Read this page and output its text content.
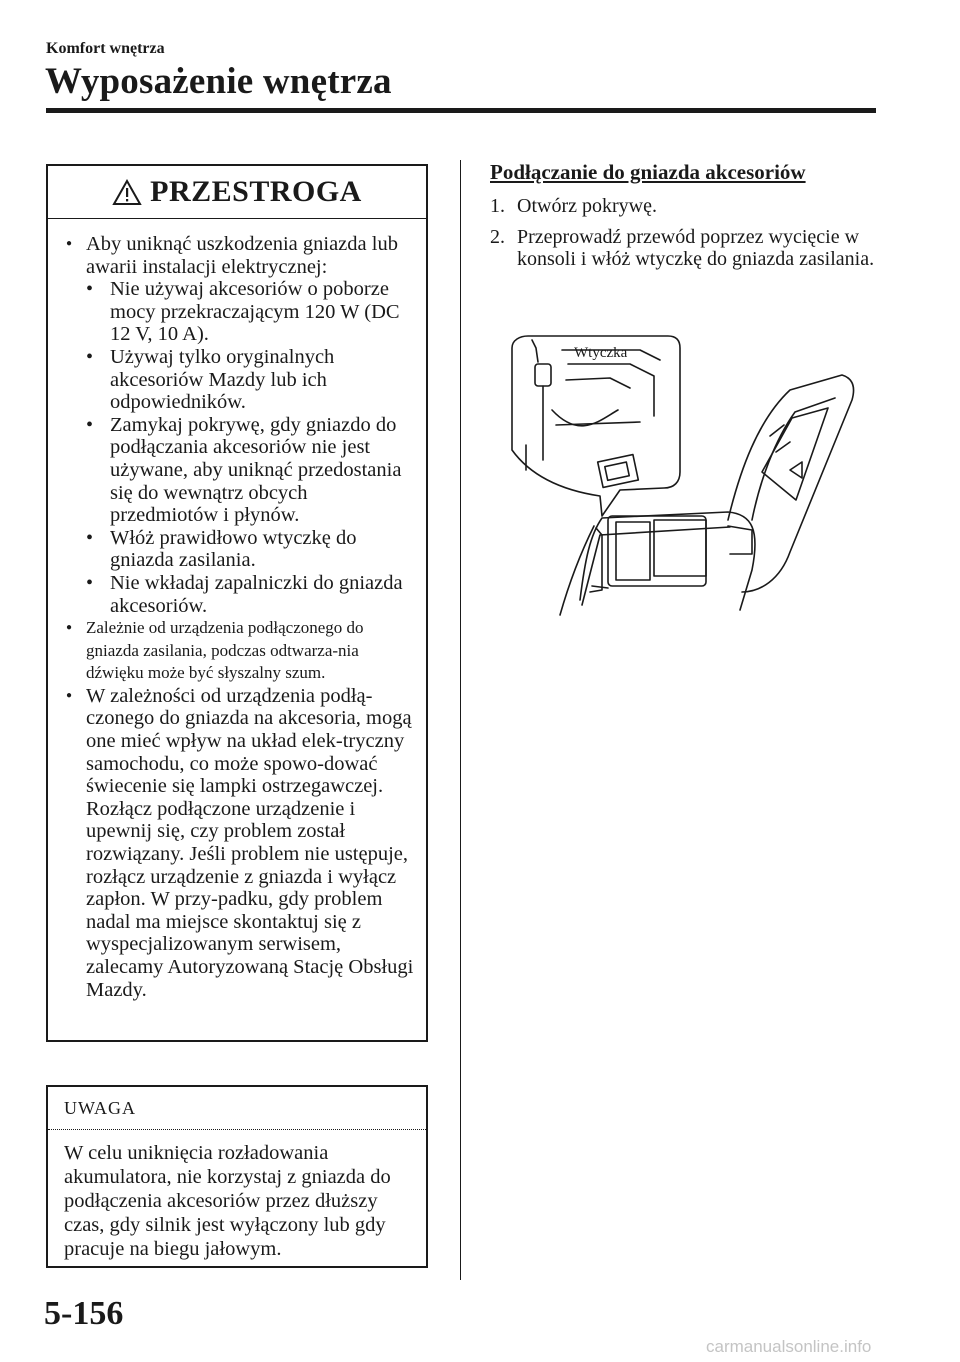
Komfort wnętrza
Wyposażenie wnętrza
PRZESTROGA

● Aby uniknąć uszkodzenia gniazda lub awarii instalacji elektrycznej:

• Nie używaj akcesoriów o poborze mocy przekraczającym 120 W (DC 12 V, 10 A).

• Używaj tylko oryginalnych akcesoriów Mazdy lub ich odpowiedników.

• Zamykaj pokrywę, gdy gniazdo do podłączania akcesoriów nie jest używane, aby uniknąć przedostania się do wewnątrz obcych przedmiotów i płynów.

• Włóż prawidłowo wtyczkę do gniazda zasilania.

• Nie wkładaj zapalniczki do gniazda akcesoriów.

● Zależnie od urządzenia podłączonego do gniazda zasilania, podczas odtwarza-nia dźwięku może być słyszalny szum.

● W zależności od urządzenia podłą-czonego do gniazda na akcesoria, mogą one mieć wpływ na układ elek-tryczny samochodu, co może spowo-dować świecenie się lampki ostrzegawczej. Rozłącz podłączone urządzenie i upewnij się, czy problem został rozwiązany. Jeśli problem nie ustępuje, rozłącz urządzenie z gniazda i wyłącz zapłon. W przy-padku, gdy problem nadal ma miejsce skontaktuj się z wyspecjalizowanym serwisem, zalecamy Autoryzowaną Stację Obsługi Mazdy.

UWAGA
W celu uniknięcia rozładowania akumulatora, nie korzystaj z gniazda do podłączenia akcesoriów przez dłuższy czas, gdy silnik jest wyłączony lub gdy pracuje na biegu jałowym.

Podłączanie do gniazda akcesoriów

1. Otwórz pokrywę.

2. Przeprowadź przewód poprzez wycięcie w konsoli i włóż wtyczkę do gniazda zasilania.

Wtyczka
5-156
carmanualsonline.info
